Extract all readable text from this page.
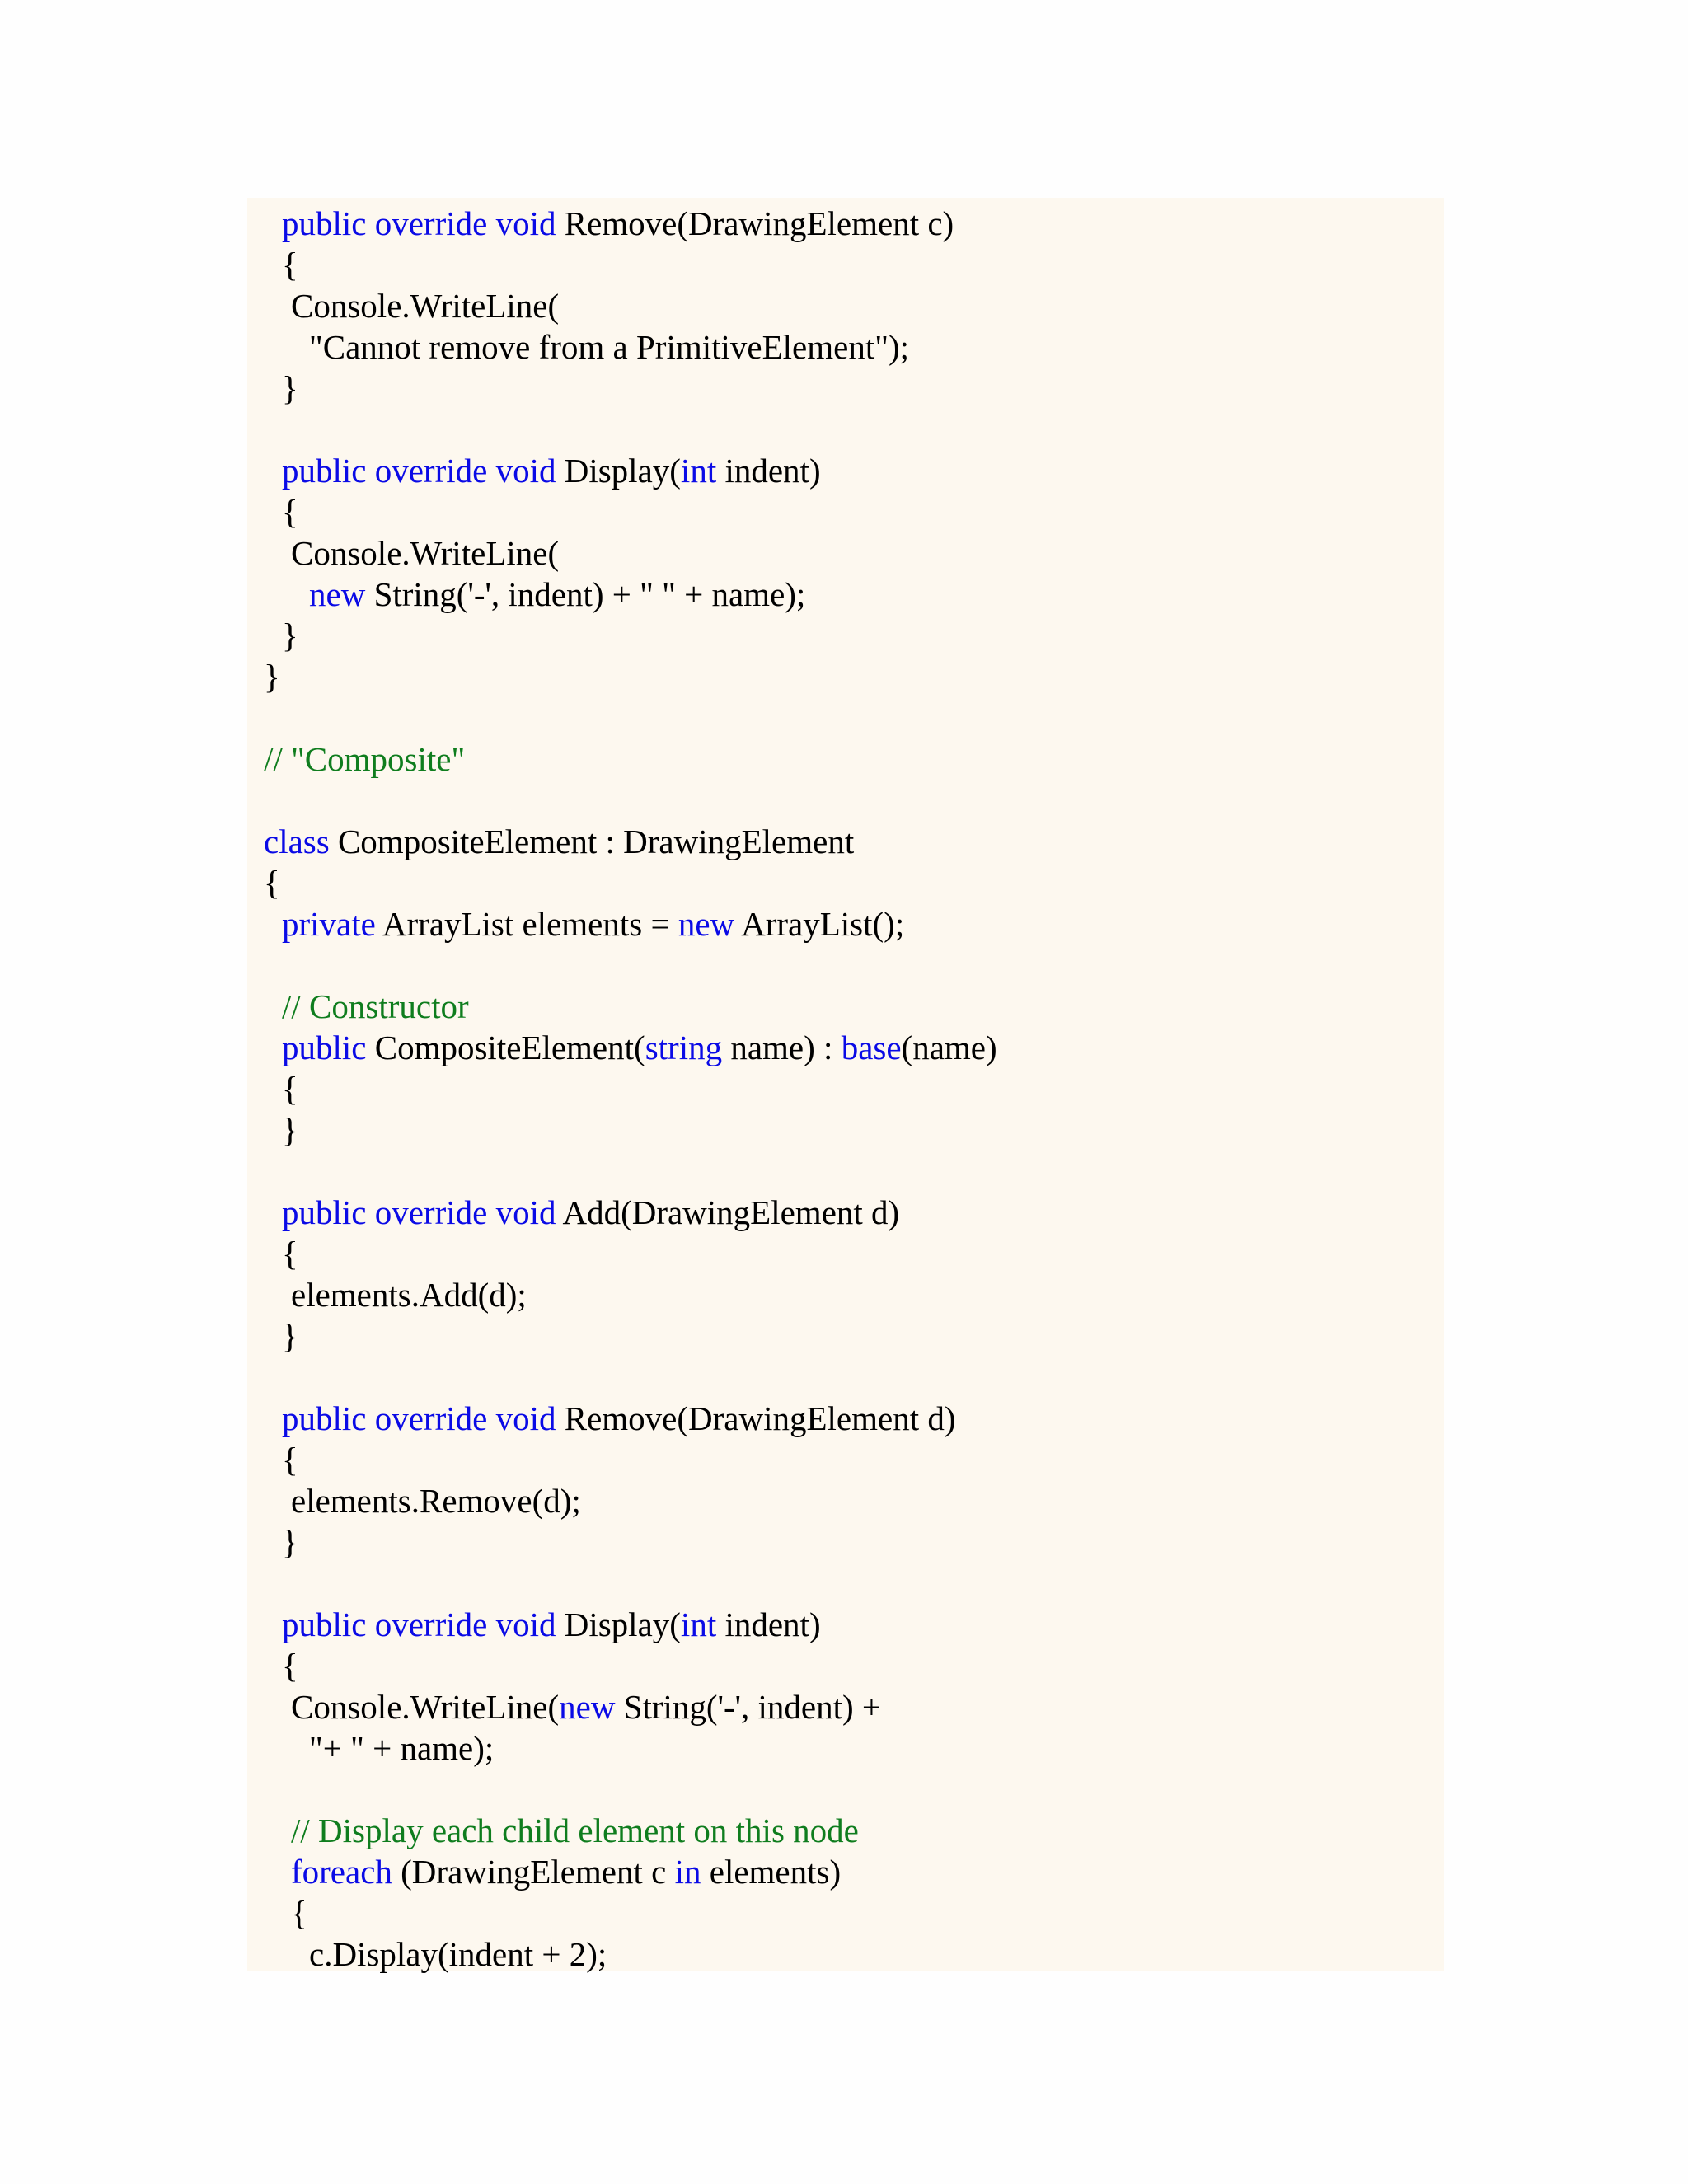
public override void Remove(DrawingElement c)
{
Console.WriteLine(
"Cannot remove from a PrimitiveElement");
}
public override void Display(int indent)
{
Console.WriteLine(
new String('-', indent) + " " + name);
}
}
// "Composite"
class CompositeElement : DrawingElement
{
private ArrayList elements = new ArrayList();
// Constructor
public CompositeElement(string name) : base(name)
{
}
public override void Add(DrawingElement d)
{
elements.Add(d);
}
public override void Remove(DrawingElement d)
{
elements.Remove(d);
}
public override void Display(int indent)
{
Console.WriteLine(new String('-', indent) +
"+ " + name);
// Display each child element on this node
foreach (DrawingElement c in elements)
{
c.Display(indent + 2);
